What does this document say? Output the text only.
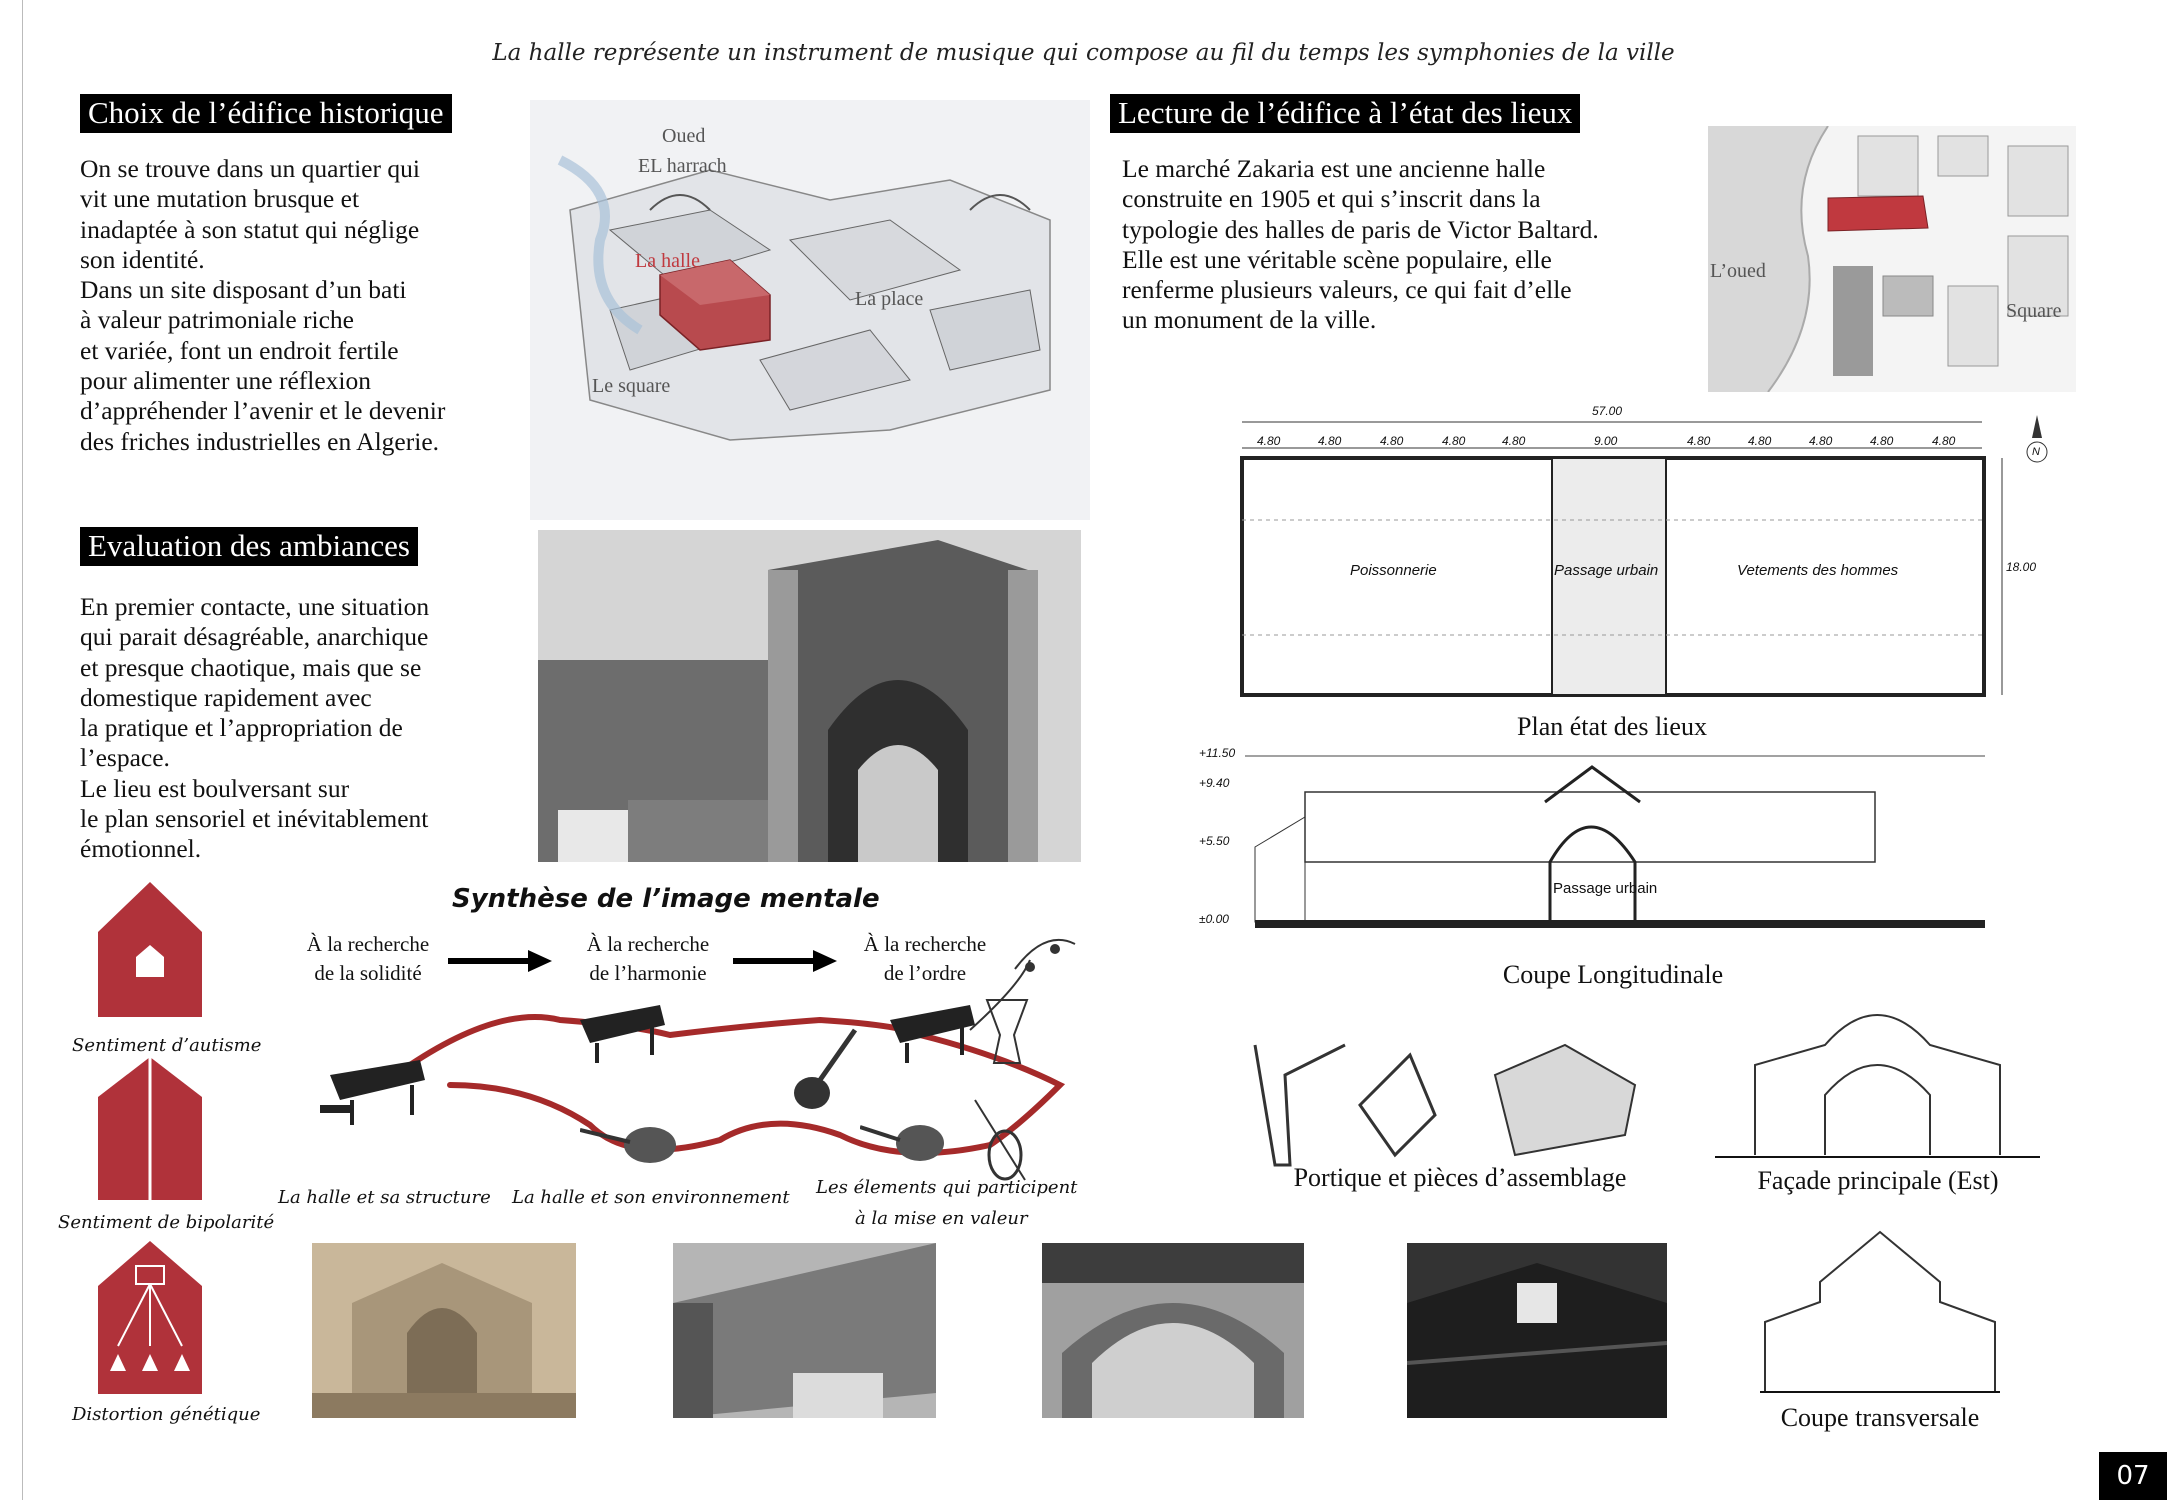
La halle représente un instrument de musique qui compose au fil du temps les symphonies de la ville
Choix de l’édifice historique

On se trouve dans un quartier qui

vit une mutation brusque et

inadaptée à son statut qui néglige

son identité.

Dans un site disposant d’un bati

à valeur patrimoniale riche

et variée, font un endroit fertile

pour alimenter une réflexion

d’appréhender l’avenir et le devenir

des friches industrielles en Algerie.

Evaluation des ambiances

En premier contacte, une situation

qui parait désagréable, anarchique

et presque chaotique, mais que se

domestique rapidement avec

la pratique et l’appropriation de

l’espace.

Le lieu est boulversant sur

le plan sensoriel et inévitablement

émotionnel.

Lecture de l’édifice à l’état des lieux

Le marché Zakaria est une ancienne halle

construite en 1905 et qui s’inscrit dans la

typologie des halles de paris de Victor Baltard.

Elle est une véritable scène populaire, elle

renferme plusieurs valeurs, ce qui fait d’elle

un monument de la ville.

Oued
EL harrach
La halle
La place
Le square
L’oued
Square
57.00
4.80	4.80	4.80	4.80	4.80	9.00	4.80	4.80	4.80	4.80	4.80
18.00
Poissonnerie	Passage urbain	Vetements des hommes
N
Plan état des lieux
+11.50
+9.40
+5.50
±0.00
Passage urbain
Coupe Longitudinale
Portique et pièces d’assemblage	Façade principale (Est)
Coupe transversale
Sentiment d’autisme
Sentiment de bipolarité
Distortion génétique
Synthèse de l’image mentale
À la recherche
de la solidité
À la recherche
de l’harmonie
À la recherche
de l’ordre
La halle et sa structure La halle et son environnement Les élements qui participent
à la mise en valeur
07
